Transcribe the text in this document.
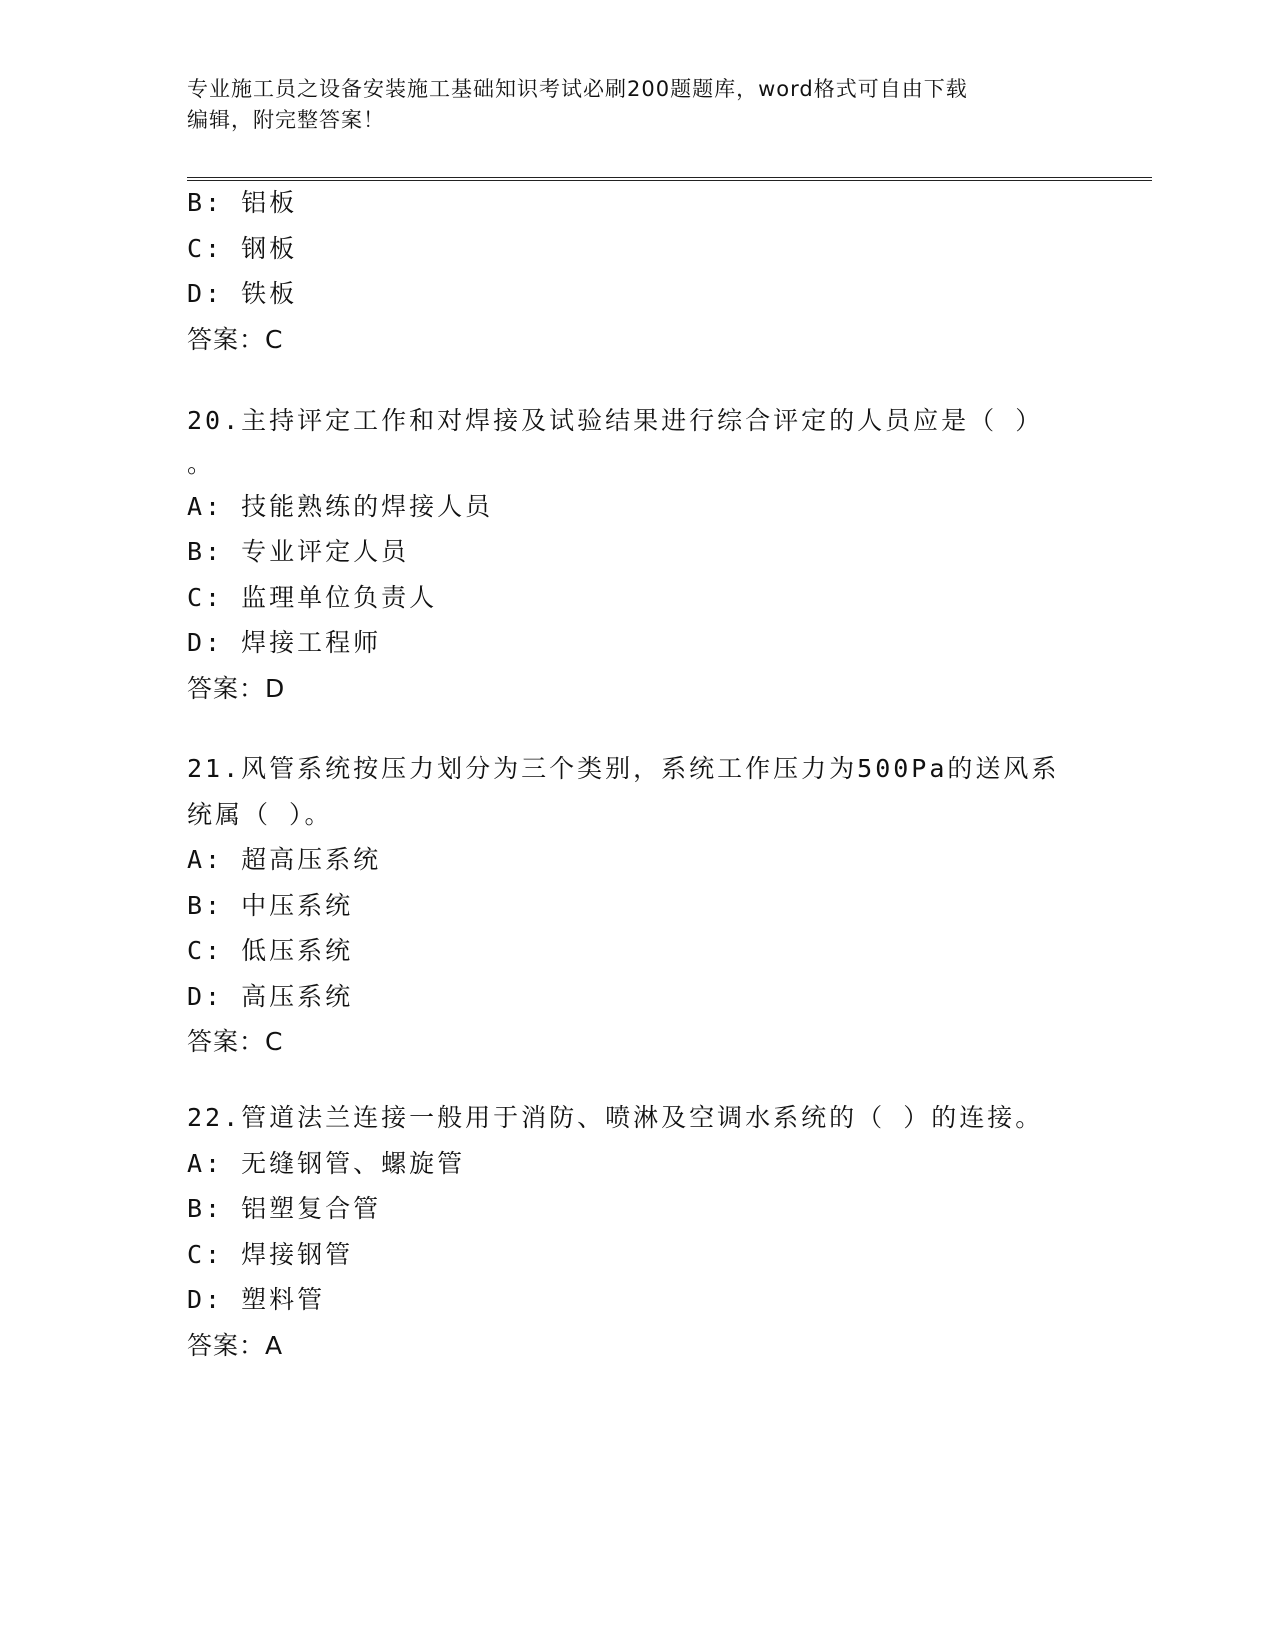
专业施工员之设备安装施工基础知识考试必刷200题题库，word格式可自由下载
编辑，附完整答案！
B: 铝板
C: 钢板
D: 铁板
答案：C
20.主持评定工作和对焊接及试验结果进行综合评定的人员应是（ ）
。
A: 技能熟练的焊接人员
B: 专业评定人员
C: 监理单位负责人
D: 焊接工程师
答案：D
21.风管系统按压力划分为三个类别，系统工作压力为500Pa的送风系
统属（ ）。
A: 超高压系统
B: 中压系统
C: 低压系统
D: 高压系统
答案：C
22.管道法兰连接一般用于消防、喷淋及空调水系统的（ ）的连接。
A: 无缝钢管、螺旋管
B: 铝塑复合管
C: 焊接钢管
D: 塑料管
答案：A
